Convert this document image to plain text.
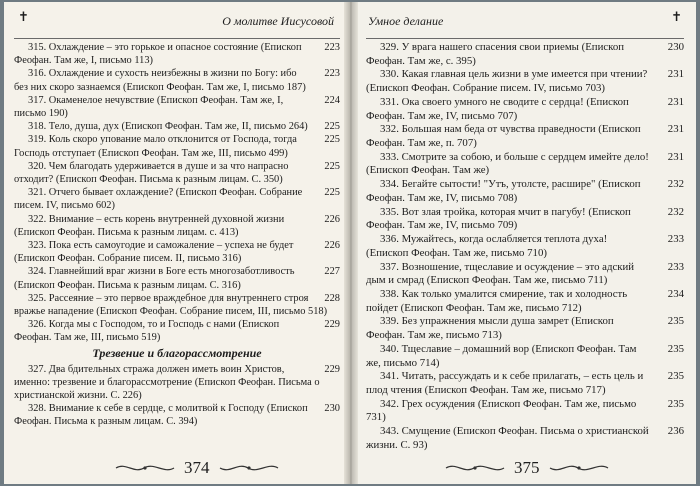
✝	О молитве Иисусовой

223
315. Охлаждение – это горькое и опасное состояние (Епископ Феофан. Там же, I, письмо 113)

223
316. Охлаждение и сухость неизбежны в жизни по Богу: ибо без них скоро зазнаемся (Епископ Феофан. Там же, I, письмо 187)

224
317. Окаменелое нечувствие (Епископ Феофан. Там же, I, письмо 190)

225
318. Тело, душа, дух (Епископ Феофан. Там же, II, письмо 264)

225
319. Коль скоро упование мало отклонится от Господа, тогда Господь отступает (Епископ Феофан. Там же, III, письмо 499)

225
320. Чем благодать удерживается в душе и за что напрасно отходит? (Епископ Феофан. Письма к разным лицам. С. 350)

225
321. Отчего бывает охлаждение? (Епископ Феофан. Собрание писем. IV, письмо 602)

226
322. Внимание – есть корень внутренней духовной жизни (Епископ Феофан. Письма к разным лицам. с. 413)

226
323. Пока есть самоугодие и саможаление – успеха не будет (Епископ Феофан. Собрание писем. II, письмо 316)

227
324. Главнейший враг жизни в Боге есть многозаботливость (Епископ Феофан. Письма к разным лицам. С. 316)

228
325. Рассеяние – это первое враждебное для внутреннего строя вражье нападение (Епископ Феофан. Собрание писем, III, письмо 518)

229
326. Когда мы с Господом, то и Господь с нами (Епископ Феофан. Там же, III, письмо 519)

Трезвение и благорассмотрение

229
327. Два бдительных стража должен иметь воин Христов, именно: трезвение и благорассмотрение (Епископ Феофан. Письма о христианской жизни. С. 226)

230
328. Внимание к себе в сердце, с молитвой к Господу (Епископ Феофан. Письма к разным лицам. С. 394)

374
Умное делание	✝

230
329. У врага нашего спасения свои приемы (Епископ Феофан. Там же, с. 395)

231
330. Какая главная цель жизни в уме имеется при чтении? (Епископ Феофан. Собрание писем. IV, письмо 703)

231
331. Ока своего умного не сводите с сердца! (Епископ Феофан. Там же, IV, письмо 707)

231
332. Большая нам беда от чувства праведности (Епископ Феофан. Там же, п. 707)

231
333. Смотрите за собою, и больше с сердцем имейте дело! (Епископ Феофан. Там же)

232
334. Бегайте сытости! "Утъ, утолсте, расшире" (Епископ Феофан. Там же, IV, письмо 708)

232
335. Вот злая тройка, которая мчит в пагубу! (Епископ Феофан. Там же, IV, письмо 709)

233
336. Мужайтесь, когда ослабляется теплота духа! (Епископ Феофан. Там же, письмо 710)

233
337. Возношение, тщеславие и осуждение – это адский дым и смрад (Епископ Феофан. Там же, письмо 711)

234
338. Как только умалится смирение, так и холодность пойдет (Епископ Феофан. Там же, письмо 712)

235
339. Без упражнения мысли душа замрет (Епископ Феофан. Там же, письмо 713)

235
340. Тщеславие – домашний вор (Епископ Феофан. Там же, письмо 714)

235
341. Читать, рассуждать и к себе прилагать, – есть цель и плод чтения (Епископ Феофан. Там же, письмо 717)

235
342. Грех осуждения (Епископ Феофан. Там же, письмо 731)

236
343. Смущение (Епископ Феофан. Письма о христианской жизни. С. 93)

375
